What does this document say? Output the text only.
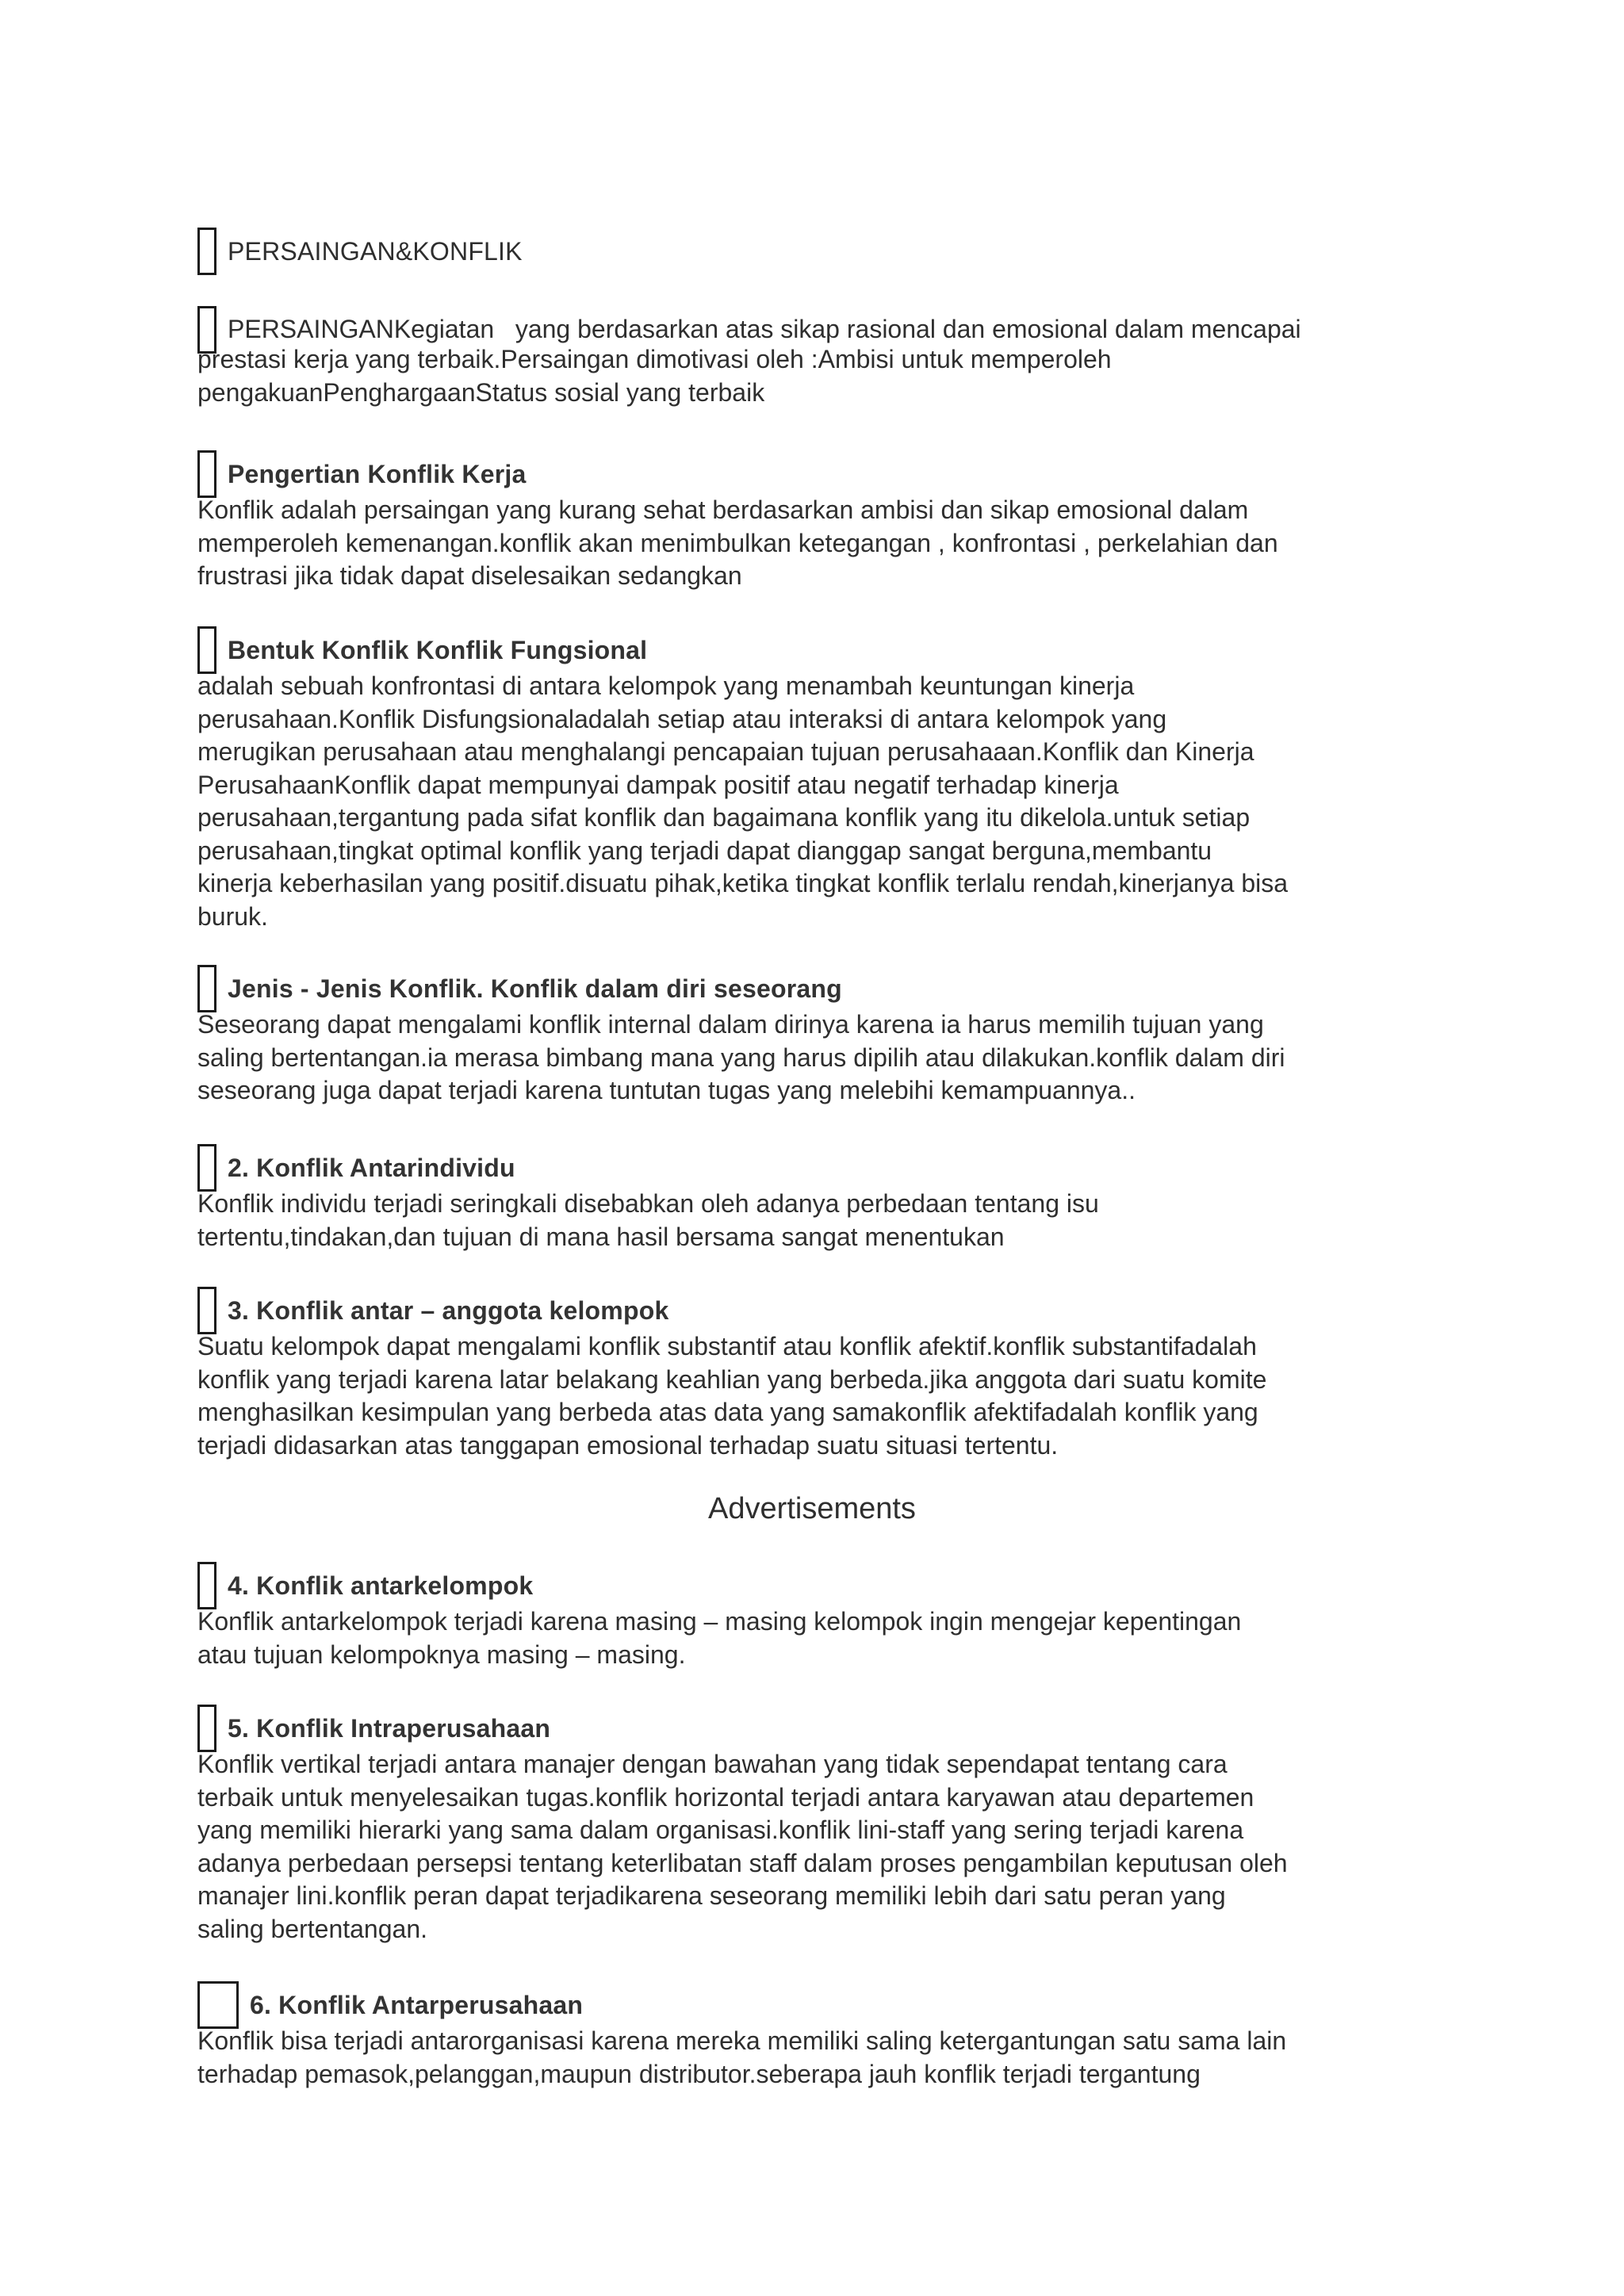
PERSAINGAN&KONFLIK
PERSAINGAN Kegiatan   yang berdasarkan atas sikap rasional dan emosional dalam mencapai
prestasi kerja yang terbaik.Persaingan dimotivasi oleh :Ambisi untuk memperoleh
pengakuanPenghargaanStatus sosial yang terbaik
Pengertian Konflik Kerja
Konflik adalah persaingan yang kurang sehat berdasarkan ambisi dan sikap emosional dalam
memperoleh kemenangan.konflik akan menimbulkan ketegangan , konfrontasi , perkelahian dan
frustrasi jika tidak dapat diselesaikan sedangkan
Bentuk Konflik Konflik Fungsional
adalah sebuah konfrontasi di antara kelompok yang menambah keuntungan kinerja
perusahaan.Konflik Disfungsionaladalah setiap atau interaksi di antara kelompok yang
merugikan perusahaan atau menghalangi pencapaian tujuan perusahaaan.Konflik dan Kinerja
PerusahaanKonflik dapat mempunyai dampak positif atau negatif terhadap kinerja
perusahaan,tergantung pada sifat konflik dan bagaimana konflik yang itu dikelola.untuk setiap
perusahaan,tingkat optimal konflik yang terjadi dapat dianggap sangat berguna,membantu
kinerja keberhasilan yang positif.disuatu pihak,ketika tingkat konflik terlalu rendah,kinerjanya bisa
buruk.
Jenis - Jenis Konflik. Konflik dalam diri seseorang
Seseorang dapat mengalami konflik internal dalam dirinya karena ia harus memilih tujuan yang
saling bertentangan.ia merasa bimbang mana yang harus dipilih atau dilakukan.konflik dalam diri
seseorang juga dapat terjadi karena tuntutan tugas yang melebihi kemampuannya..
2. Konflik Antarindividu
Konflik individu terjadi seringkali disebabkan oleh adanya perbedaan tentang isu
tertentu,tindakan,dan tujuan di mana hasil bersama sangat menentukan
3. Konflik antar – anggota kelompok
Suatu kelompok dapat mengalami konflik substantif atau konflik afektif.konflik substantifadalah
konflik yang terjadi karena latar belakang keahlian yang berbeda.jika anggota dari suatu komite
menghasilkan kesimpulan yang berbeda atas data yang samakonflik afektifadalah konflik yang
terjadi didasarkan atas tanggapan emosional terhadap suatu situasi tertentu.
Advertisements
4. Konflik antarkelompok
Konflik antarkelompok terjadi karena masing – masing kelompok ingin mengejar kepentingan
atau tujuan kelompoknya masing – masing.
5. Konflik Intraperusahaan
Konflik vertikal terjadi antara manajer dengan bawahan yang tidak sependapat tentang cara
terbaik untuk menyelesaikan tugas.konflik horizontal terjadi antara karyawan atau departemen
yang memiliki hierarki yang sama dalam organisasi.konflik lini-staff yang sering terjadi karena
adanya perbedaan persepsi tentang keterlibatan staff dalam proses pengambilan keputusan oleh
manajer lini.konflik peran dapat terjadikarena seseorang memiliki lebih dari satu peran yang
saling bertentangan.
6. Konflik Antarperusahaan
Konflik bisa terjadi antarorganisasi karena mereka memiliki saling ketergantungan satu sama lain
terhadap pemasok,pelanggan,maupun distributor.seberapa jauh konflik terjadi tergantung
